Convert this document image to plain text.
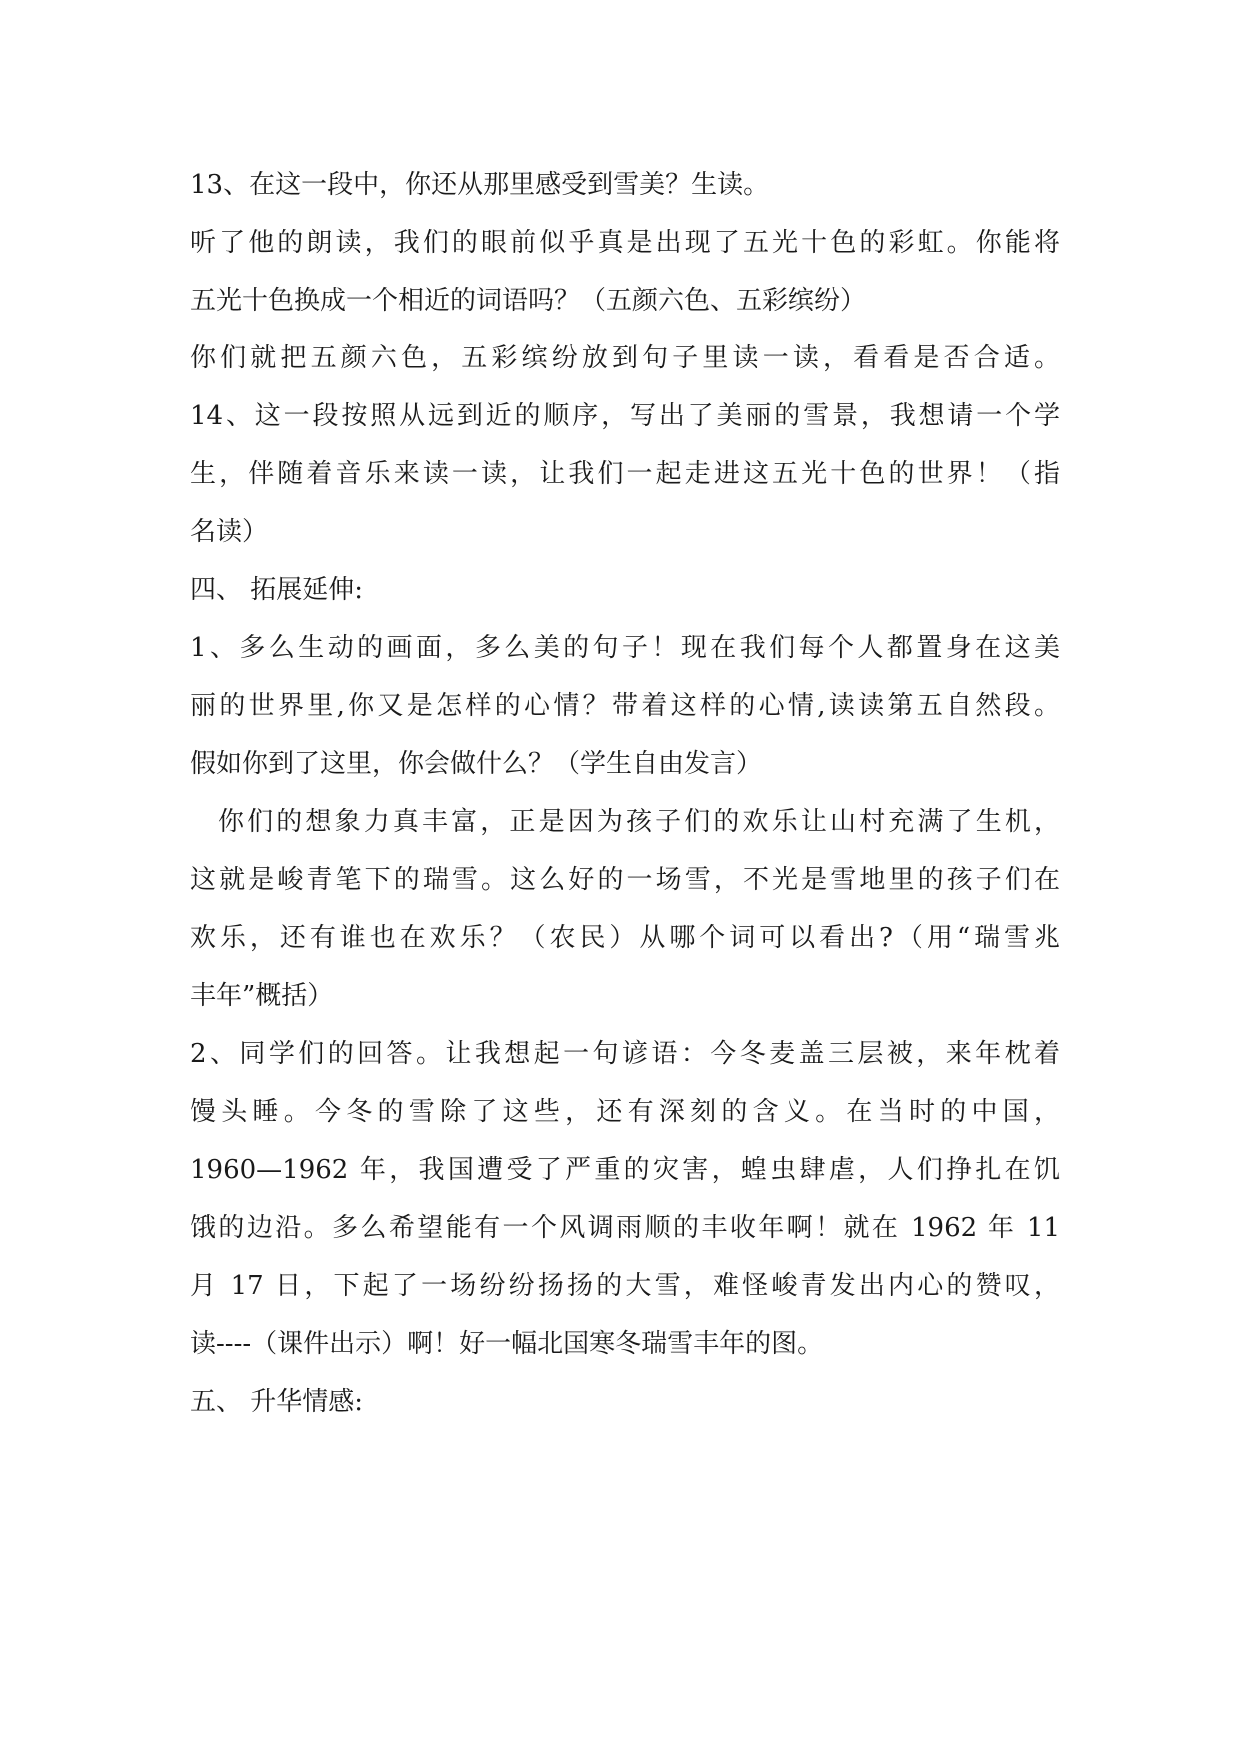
13、在这一段中，你还从那里感受到雪美？生读。
听了他的朗读，我们的眼前似乎真是出现了五光十色的彩虹。你能将
五光十色换成一个相近的词语吗？（五颜六色、五彩缤纷）
你们就把五颜六色，五彩缤纷放到句子里读一读，看看是否合适。
14、这一段按照从远到近的顺序，写出了美丽的雪景，我想请一个学
生，伴随着音乐来读一读，让我们一起走进这五光十色的世界！（指
名读）
四、 拓展延伸:
1、多么生动的画面，多么美的句子！现在我们每个人都置身在这美
丽的世界里,你又是怎样的心情？带着这样的心情,读读第五自然段。
假如你到了这里，你会做什么？（学生自由发言）
你们的想象力真丰富，正是因为孩子们的欢乐让山村充满了生机，
这就是峻青笔下的瑞雪。这么好的一场雪，不光是雪地里的孩子们在
欢乐，还有谁也在欢乐？（农民）从哪个词可以看出?（用“瑞雪兆
丰年”概括）
2、同学们的回答。让我想起一句谚语：今冬麦盖三层被，来年枕着
馒头睡。今冬的雪除了这些，还有深刻的含义。在当时的中国，
1960—1962 年，我国遭受了严重的灾害，蝗虫肆虐，人们挣扎在饥
饿的边沿。多么希望能有一个风调雨顺的丰收年啊！就在 1962 年 11
月 17 日，下起了一场纷纷扬扬的大雪，难怪峻青发出内心的赞叹，
读----（课件出示）啊！好一幅北国寒冬瑞雪丰年的图。
五、 升华情感:
